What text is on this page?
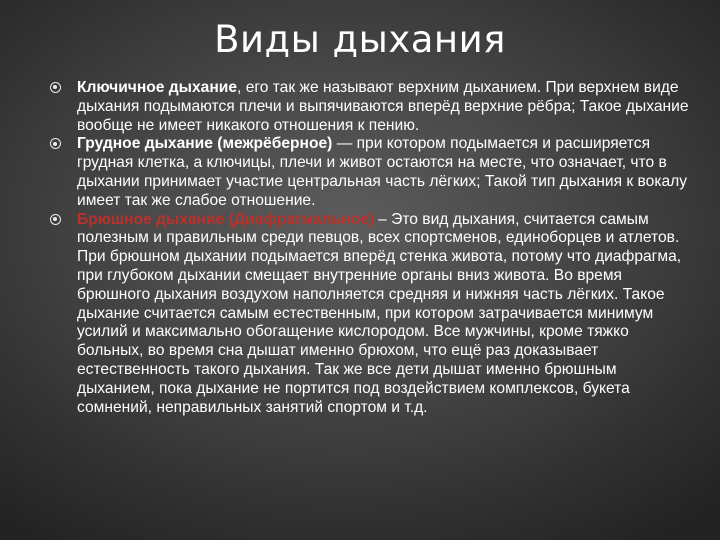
Виды дыхания
Ключичное дыхание, его так же называют верхним дыханием. При верхнем виде дыхания подымаются плечи и выпячиваются вперёд верхние рёбра; Такое дыхание вообще не имеет никакого отношения к пению.
Грудное дыхание (межрёберное) — при котором подымается и расширяется грудная клетка, а ключицы, плечи и живот остаются на месте, что означает, что в дыхании принимает участие центральная часть лёгких; Такой тип дыхания к вокалу имеет так же слабое отношение.
Брюшное дыхание (Диафрагмальное) – Это вид дыхания, считается самым полезным и правильным среди певцов, всех спортсменов, единоборцев и атлетов. При брюшном дыхании подымается вперёд стенка живота, потому что диафрагма, при глубоком дыхании смещает внутренние органы вниз живота. Во время брюшного дыхания воздухом наполняется средняя и нижняя часть лёгких. Такое дыхание считается самым естественным, при котором затрачивается минимум усилий и максимально обогащение кислородом. Все мужчины, кроме тяжко больных, во время сна дышат именно брюхом, что ещё раз доказывает естественность такого дыхания. Так же все дети дышат именно брюшным дыханием, пока дыхание не портится под воздействием комплексов, букета сомнений, неправильных занятий спортом и т.д.
